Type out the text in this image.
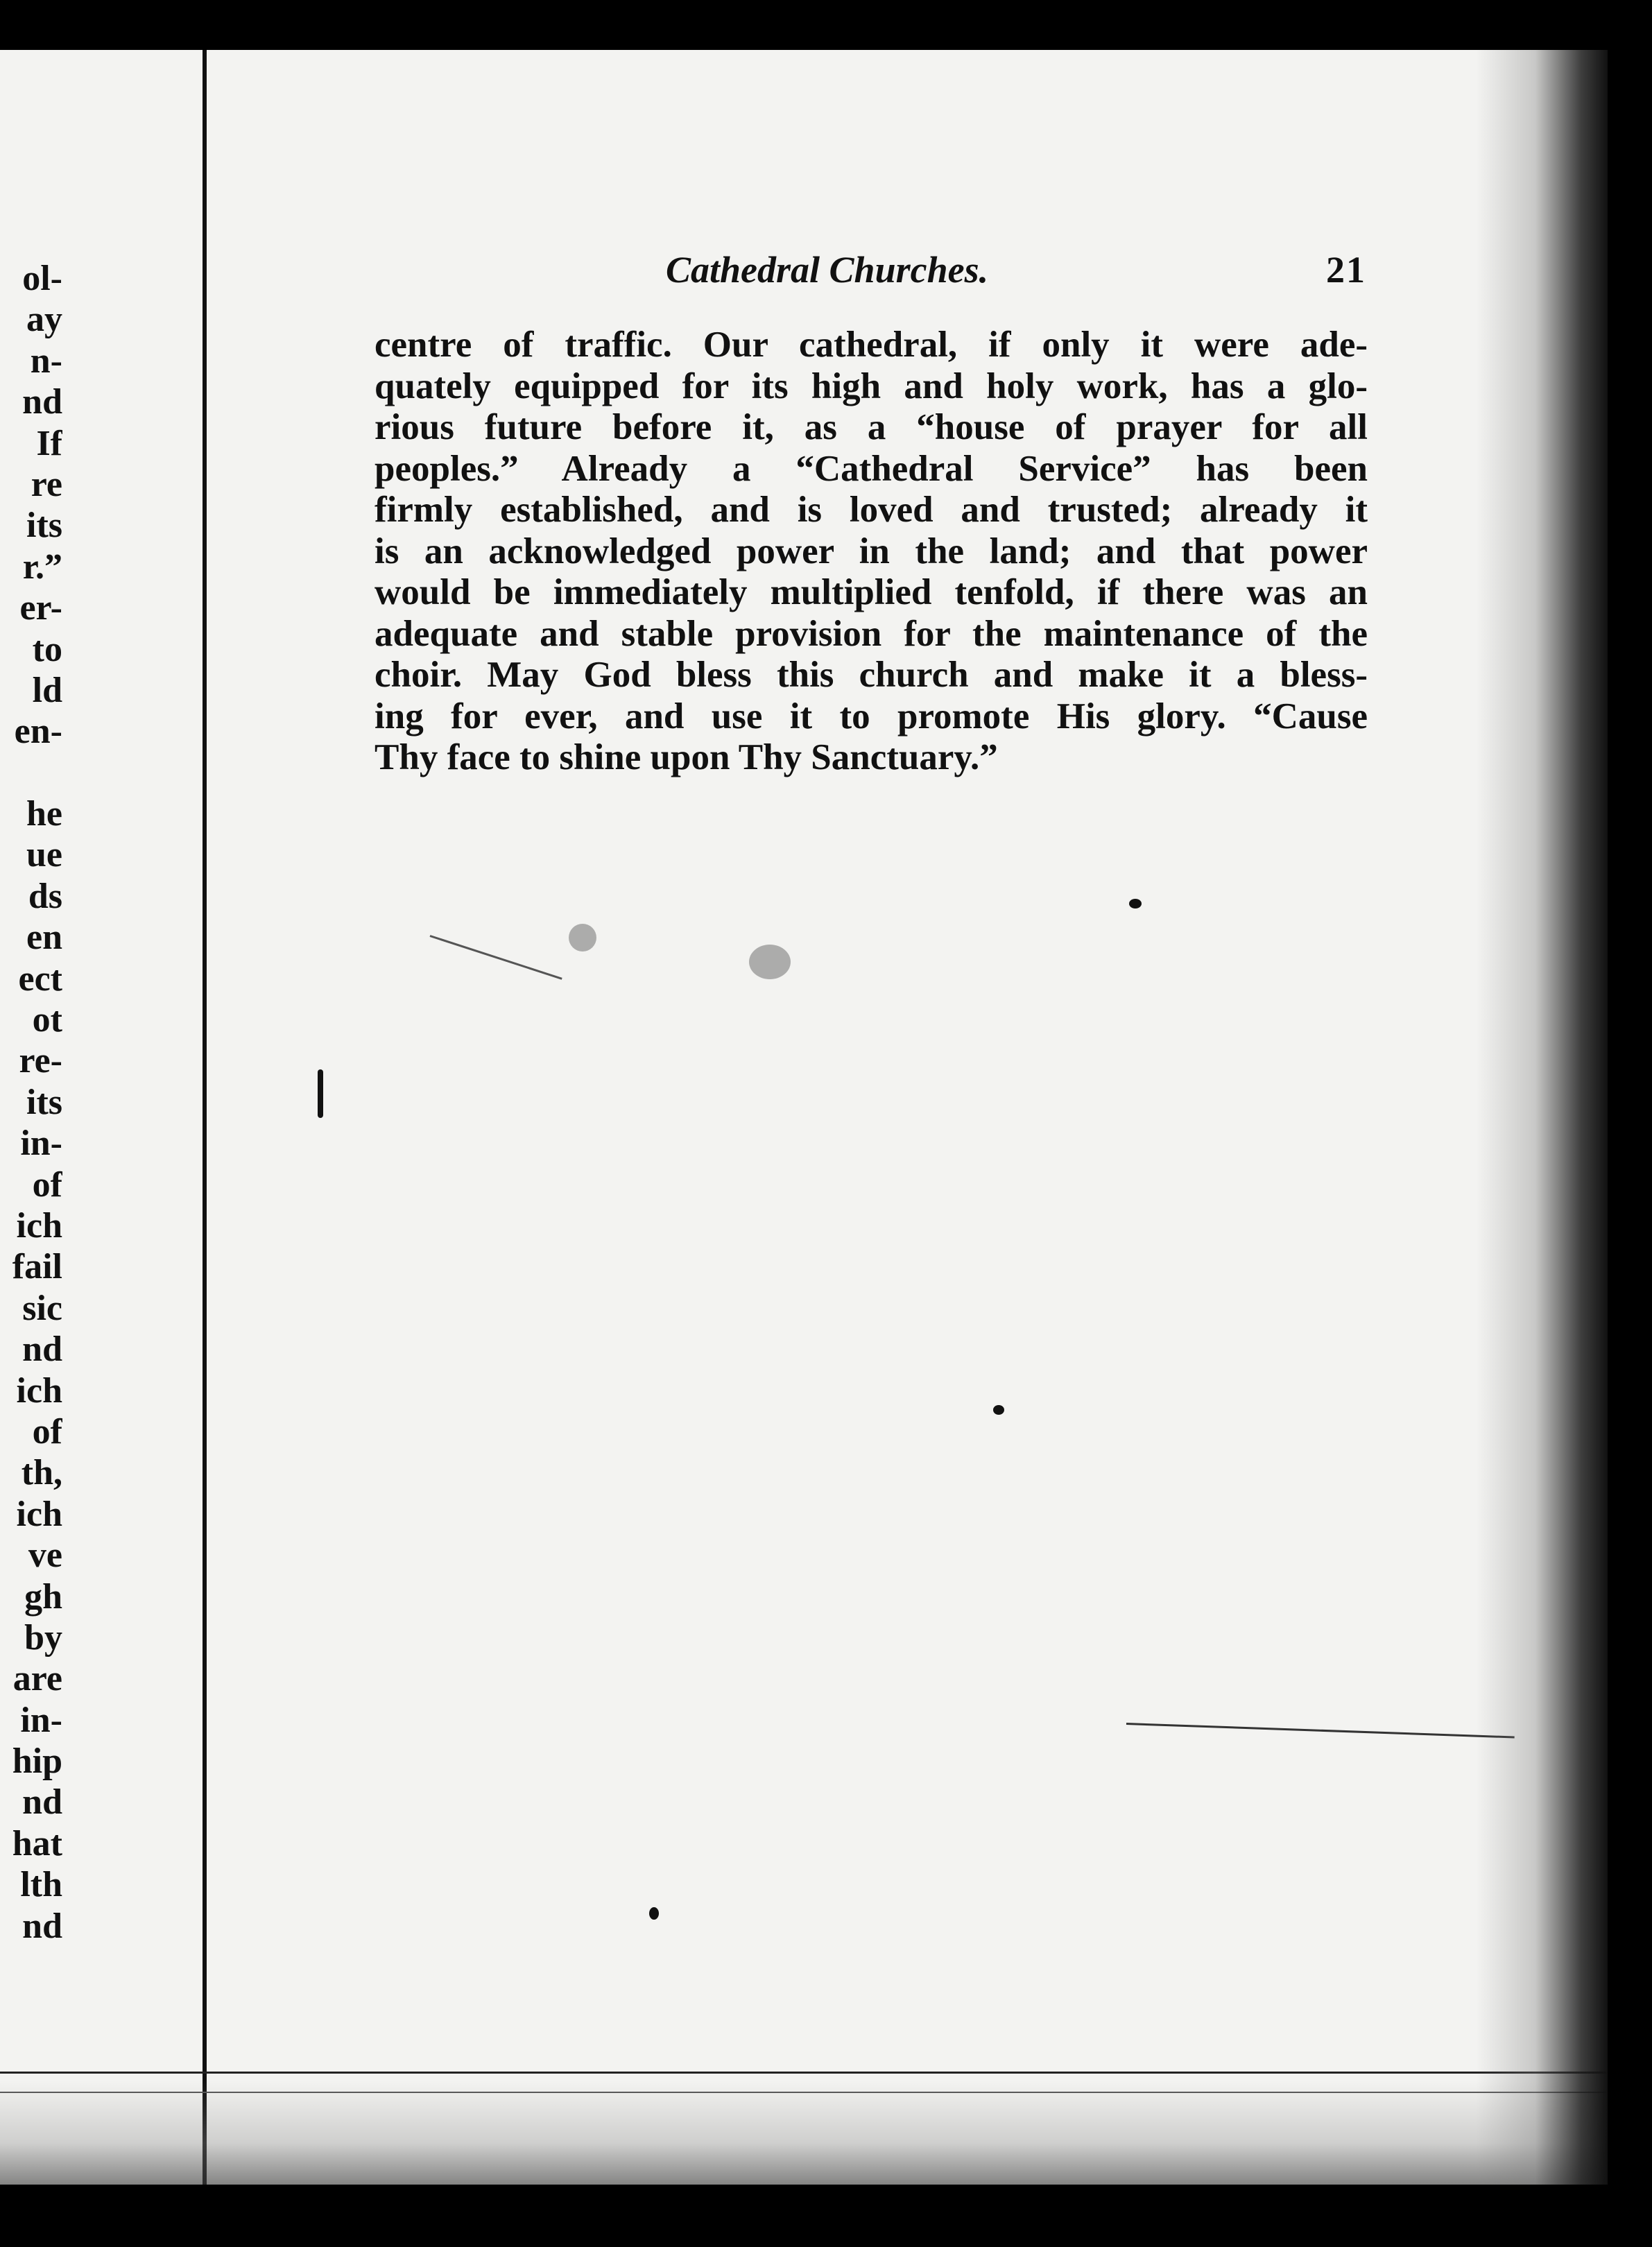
ol-
ay
n-
nd
If
re
its
r.”
er-
to
ld
en-
he
ue
ds
en
ect
ot
re-
its
in-
of
ich
fail
sic
nd
ich
of
th,
ich
ve
gh
by
are
in-
hip
nd
hat
lth
nd
Cathedral Churches.	21
centre of traffic. Our cathedral, if only it were ade-
quately equipped for its high and holy work, has a glo-
rious future before it, as a “house of prayer for all
peoples.” Already a “Cathedral Service” has been
firmly established, and is loved and trusted; already it
is an acknowledged power in the land; and that power
would be immediately multiplied tenfold, if there was an
adequate and stable provision for the maintenance of the
choir. May God bless this church and make it a bless-
ing for ever, and use it to promote His glory. “Cause
Thy face to shine upon Thy Sanctuary.”
